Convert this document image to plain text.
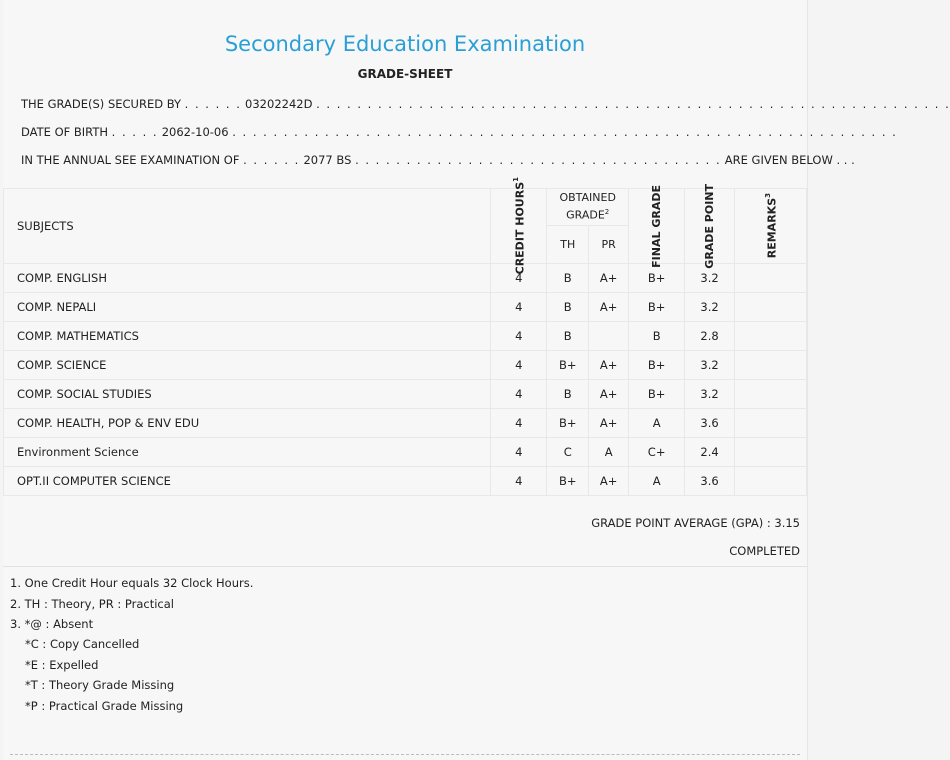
Secondary Education Examination
GRADE-SHEET
THE GRADE(S) SECURED BY . . . . . . 03202242D . . . . . . . . . . . . . . . . . . . . . . . . . . . . . . . . . . . . . . . . . . . . . . . . . . . . . . . . . . . . . .
DATE OF BIRTH . . . . . 2062-10-06 . . . . . . . . . . . . . . . . . . . . . . . . . . . . . . . . . . . . . . . . . . . . . . . . . . . . . . . . . . . . . . . . .
IN THE ANNUAL SEE EXAMINATION OF . . . . . . 2077 BS . . . . . . . . . . . . . . . . . . . . . . . . . . . . . . . . . . . . ARE GIVEN BELOW . . .
SUBJECTS	CREDIT HOURS$^1$	OBTAINED GRADE$^2$		FINAL GRADE	GRADE POINT	REMARKS$^3$

		TH	PR			
COMP. ENGLISH	4	B	A+	B+	3.2	
COMP. NEPALI	4	B	A+	B+	3.2	
COMP. MATHEMATICS	4	B		B	2.8	
COMP. SCIENCE	4	B+	A+	B+	3.2	
COMP. SOCIAL STUDIES	4	B	A+	B+	3.2	
COMP. HEALTH, POP & ENV EDU	4	B+	A+	A	3.6	
Environment Science	4	C	A	C+	2.4	
OPT.II COMPUTER SCIENCE	4	B+	A+	A	3.6	
GRADE POINT AVERAGE (GPA) : 3.15
COMPLETED
1. One Credit Hour equals 32 Clock Hours.
2. TH : Theory, PR : Practical
3. *@ : Absent
*C : Copy Cancelled
*E : Expelled
*T : Theory Grade Missing
*P : Practical Grade Missing
